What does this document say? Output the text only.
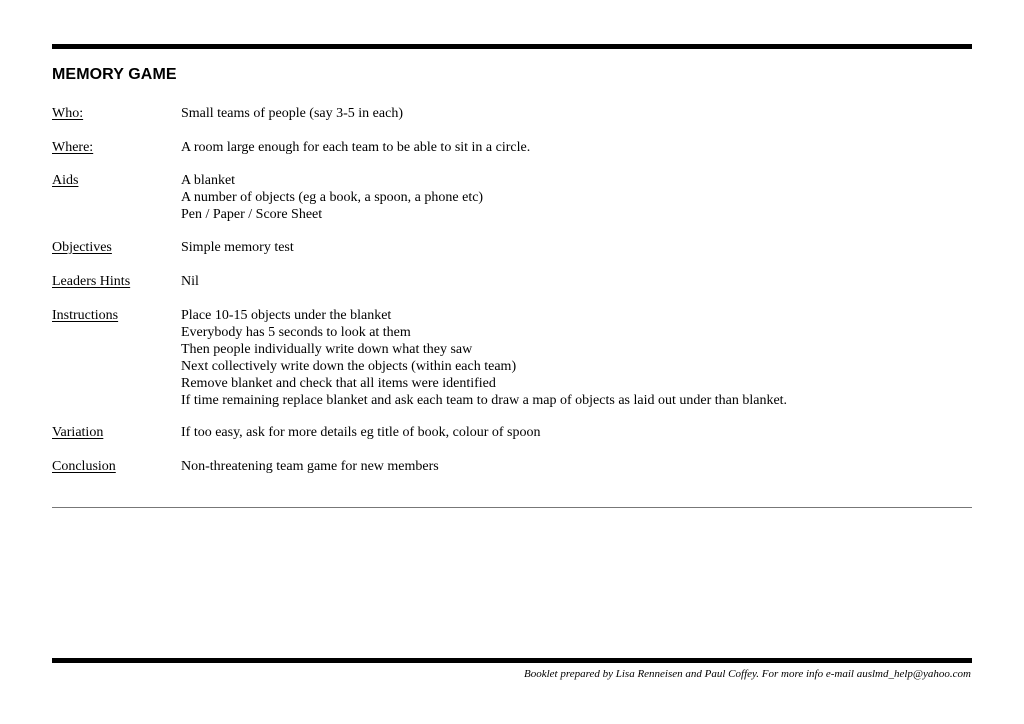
MEMORY GAME
Who:	Small teams of people (say 3-5 in each)
Where:	A room large enough for each team to be able to sit in a circle.
Aids	A blanket
A number of objects (eg a book, a spoon, a phone etc)
Pen / Paper / Score Sheet
Objectives	Simple memory test
Leaders Hints	Nil
Instructions	Place 10-15 objects under the blanket
Everybody has 5 seconds to look at them
Then people individually write down what they saw
Next collectively write down the objects (within each team)
Remove blanket and check that all items were identified
If time remaining replace blanket and ask each team to draw a map of objects as laid out under than blanket.
Variation	If too easy, ask for more details eg title of book, colour of spoon
Conclusion	Non-threatening team game for new members
Booklet prepared by Lisa Renneisen and Paul Coffey. For more info e-mail auslmd_help@yahoo.com
